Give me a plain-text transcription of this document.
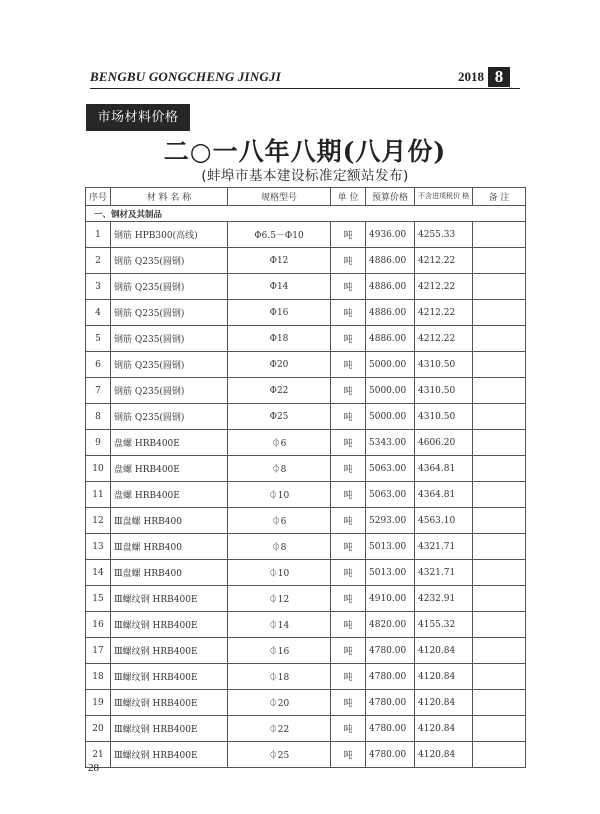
BENGBU GONGCHENG JINGJI	2018 8
市场材料价格
二○一八年八期(八月份)
(蚌埠市基本建设标准定额站发布)
序号	材 料 名 称	规格型号	单 位	预算价格	不含进项税价 格	备 注
一、钢材及其制品						
1	钢筋 HPB300(高线)	Φ6.5－Φ10	吨	4936.00	4255.33	
2	钢筋 Q235(圆钢)	Φ12	吨	4886.00	4212.22	
3	钢筋 Q235(圆钢)	Φ14	吨	4886.00	4212.22	
4	钢筋 Q235(圆钢)	Φ16	吨	4886.00	4212.22	
5	钢筋 Q235(圆钢)	Φ18	吨	4886.00	4212.22	
6	钢筋 Q235(圆钢)	Φ20	吨	5000.00	4310.50	
7	钢筋 Q235(圆钢)	Φ22	吨	5000.00	4310.50	
8	钢筋 Q235(圆钢)	Φ25	吨	5000.00	4310.50	
9	盘螺 HRB400E	⏀6	吨	5343.00	4606.20	
10	盘螺 HRB400E	⏀8	吨	5063.00	4364.81	
11	盘螺 HRB400E	⏀10	吨	5063.00	4364.81	
12	Ⅲ盘螺 HRB400	⏀6	吨	5293.00	4563.10	
13	Ⅲ盘螺 HRB400	⏀8	吨	5013.00	4321.71	
14	Ⅲ盘螺 HRB400	⏀10	吨	5013.00	4321.71	
15	Ⅲ螺纹钢 HRB400E	⏀12	吨	4910.00	4232.91	
16	Ⅲ螺纹钢 HRB400E	⏀14	吨	4820.00	4155.32	
17	Ⅲ螺纹钢 HRB400E	⏀16	吨	4780.00	4120.84	
18	Ⅲ螺纹钢 HRB400E	⏀18	吨	4780.00	4120.84	
19	Ⅲ螺纹钢 HRB400E	⏀20	吨	4780.00	4120.84	
20	Ⅲ螺纹钢 HRB400E	⏀22	吨	4780.00	4120.84	
21	Ⅲ螺纹钢 HRB400E	⏀25	吨	4780.00	4120.84	
28
